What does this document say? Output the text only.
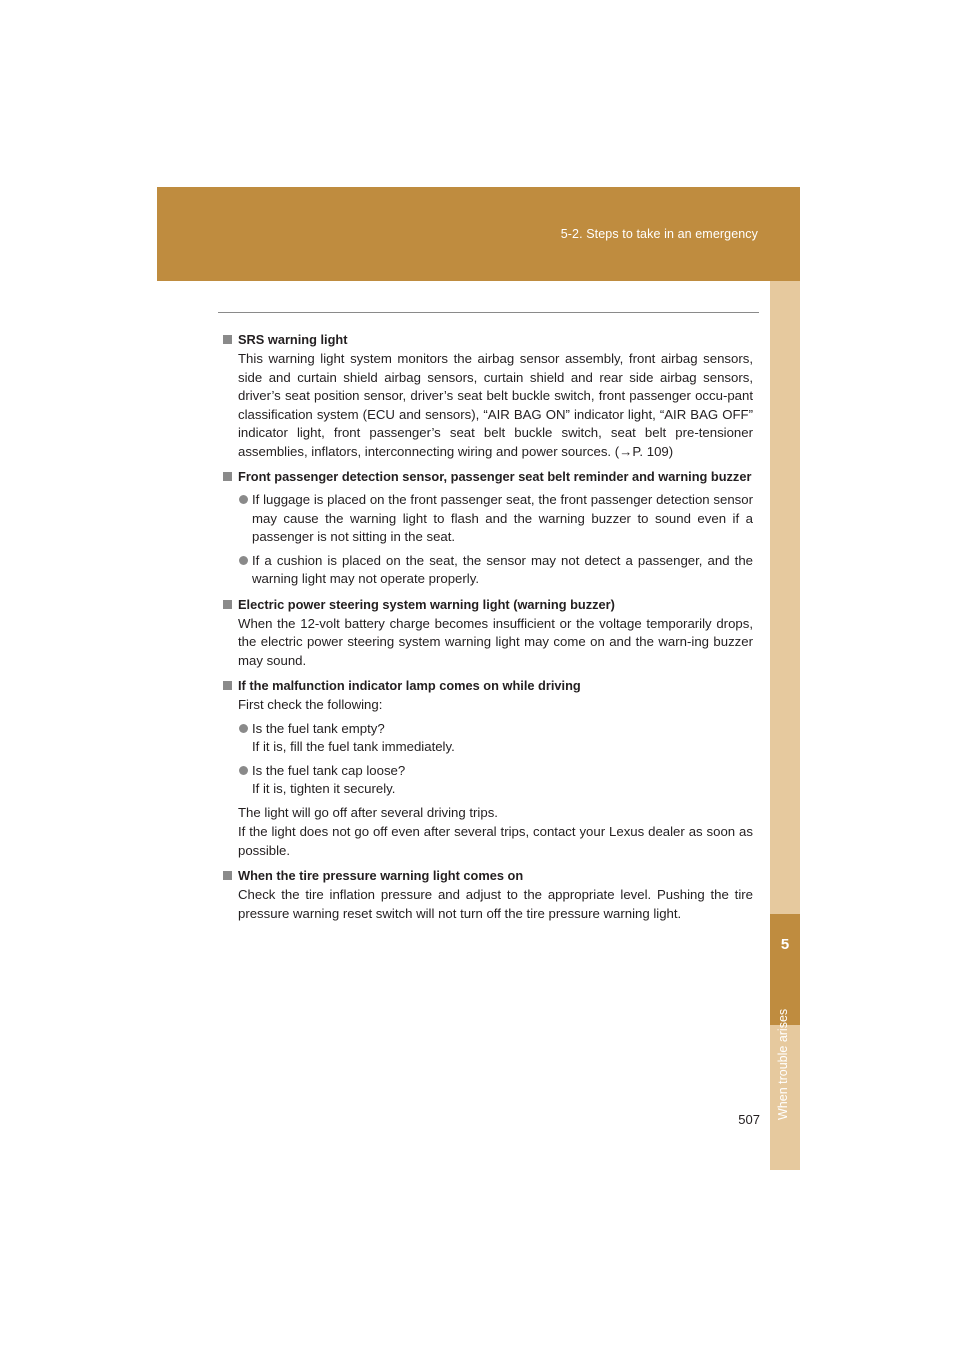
5-2. Steps to take in an emergency
5
When trouble arises
SRS warning light
This warning light system monitors the airbag sensor assembly, front airbag sensors, side and curtain shield airbag sensors, curtain shield and rear side airbag sensors, driver’s seat position sensor, driver’s seat belt buckle switch, front passenger occu-pant classification system (ECU and sensors), “AIR BAG ON” indicator light, “AIR BAG OFF” indicator light, front passenger’s seat belt buckle switch, seat belt pre-tensioner assemblies, inflators, interconnecting wiring and power sources. (→P. 109)
Front passenger detection sensor, passenger seat belt reminder and warning buzzer
If luggage is placed on the front passenger seat, the front passenger detection sensor may cause the warning light to flash and the warning buzzer to sound even if a passenger is not sitting in the seat.
If a cushion is placed on the seat, the sensor may not detect a passenger, and the warning light may not operate properly.
Electric power steering system warning light (warning buzzer)
When the 12-volt battery charge becomes insufficient or the voltage temporarily drops, the electric power steering system warning light may come on and the warn-ing buzzer may sound.
If the malfunction indicator lamp comes on while driving
First check the following:
Is the fuel tank empty?
If it is, fill the fuel tank immediately.
Is the fuel tank cap loose?
If it is, tighten it securely.
The light will go off after several driving trips.
If the light does not go off even after several trips, contact your Lexus dealer as soon as possible.
When the tire pressure warning light comes on
Check the tire inflation pressure and adjust to the appropriate level. Pushing the tire pressure warning reset switch will not turn off the tire pressure warning light.
507
